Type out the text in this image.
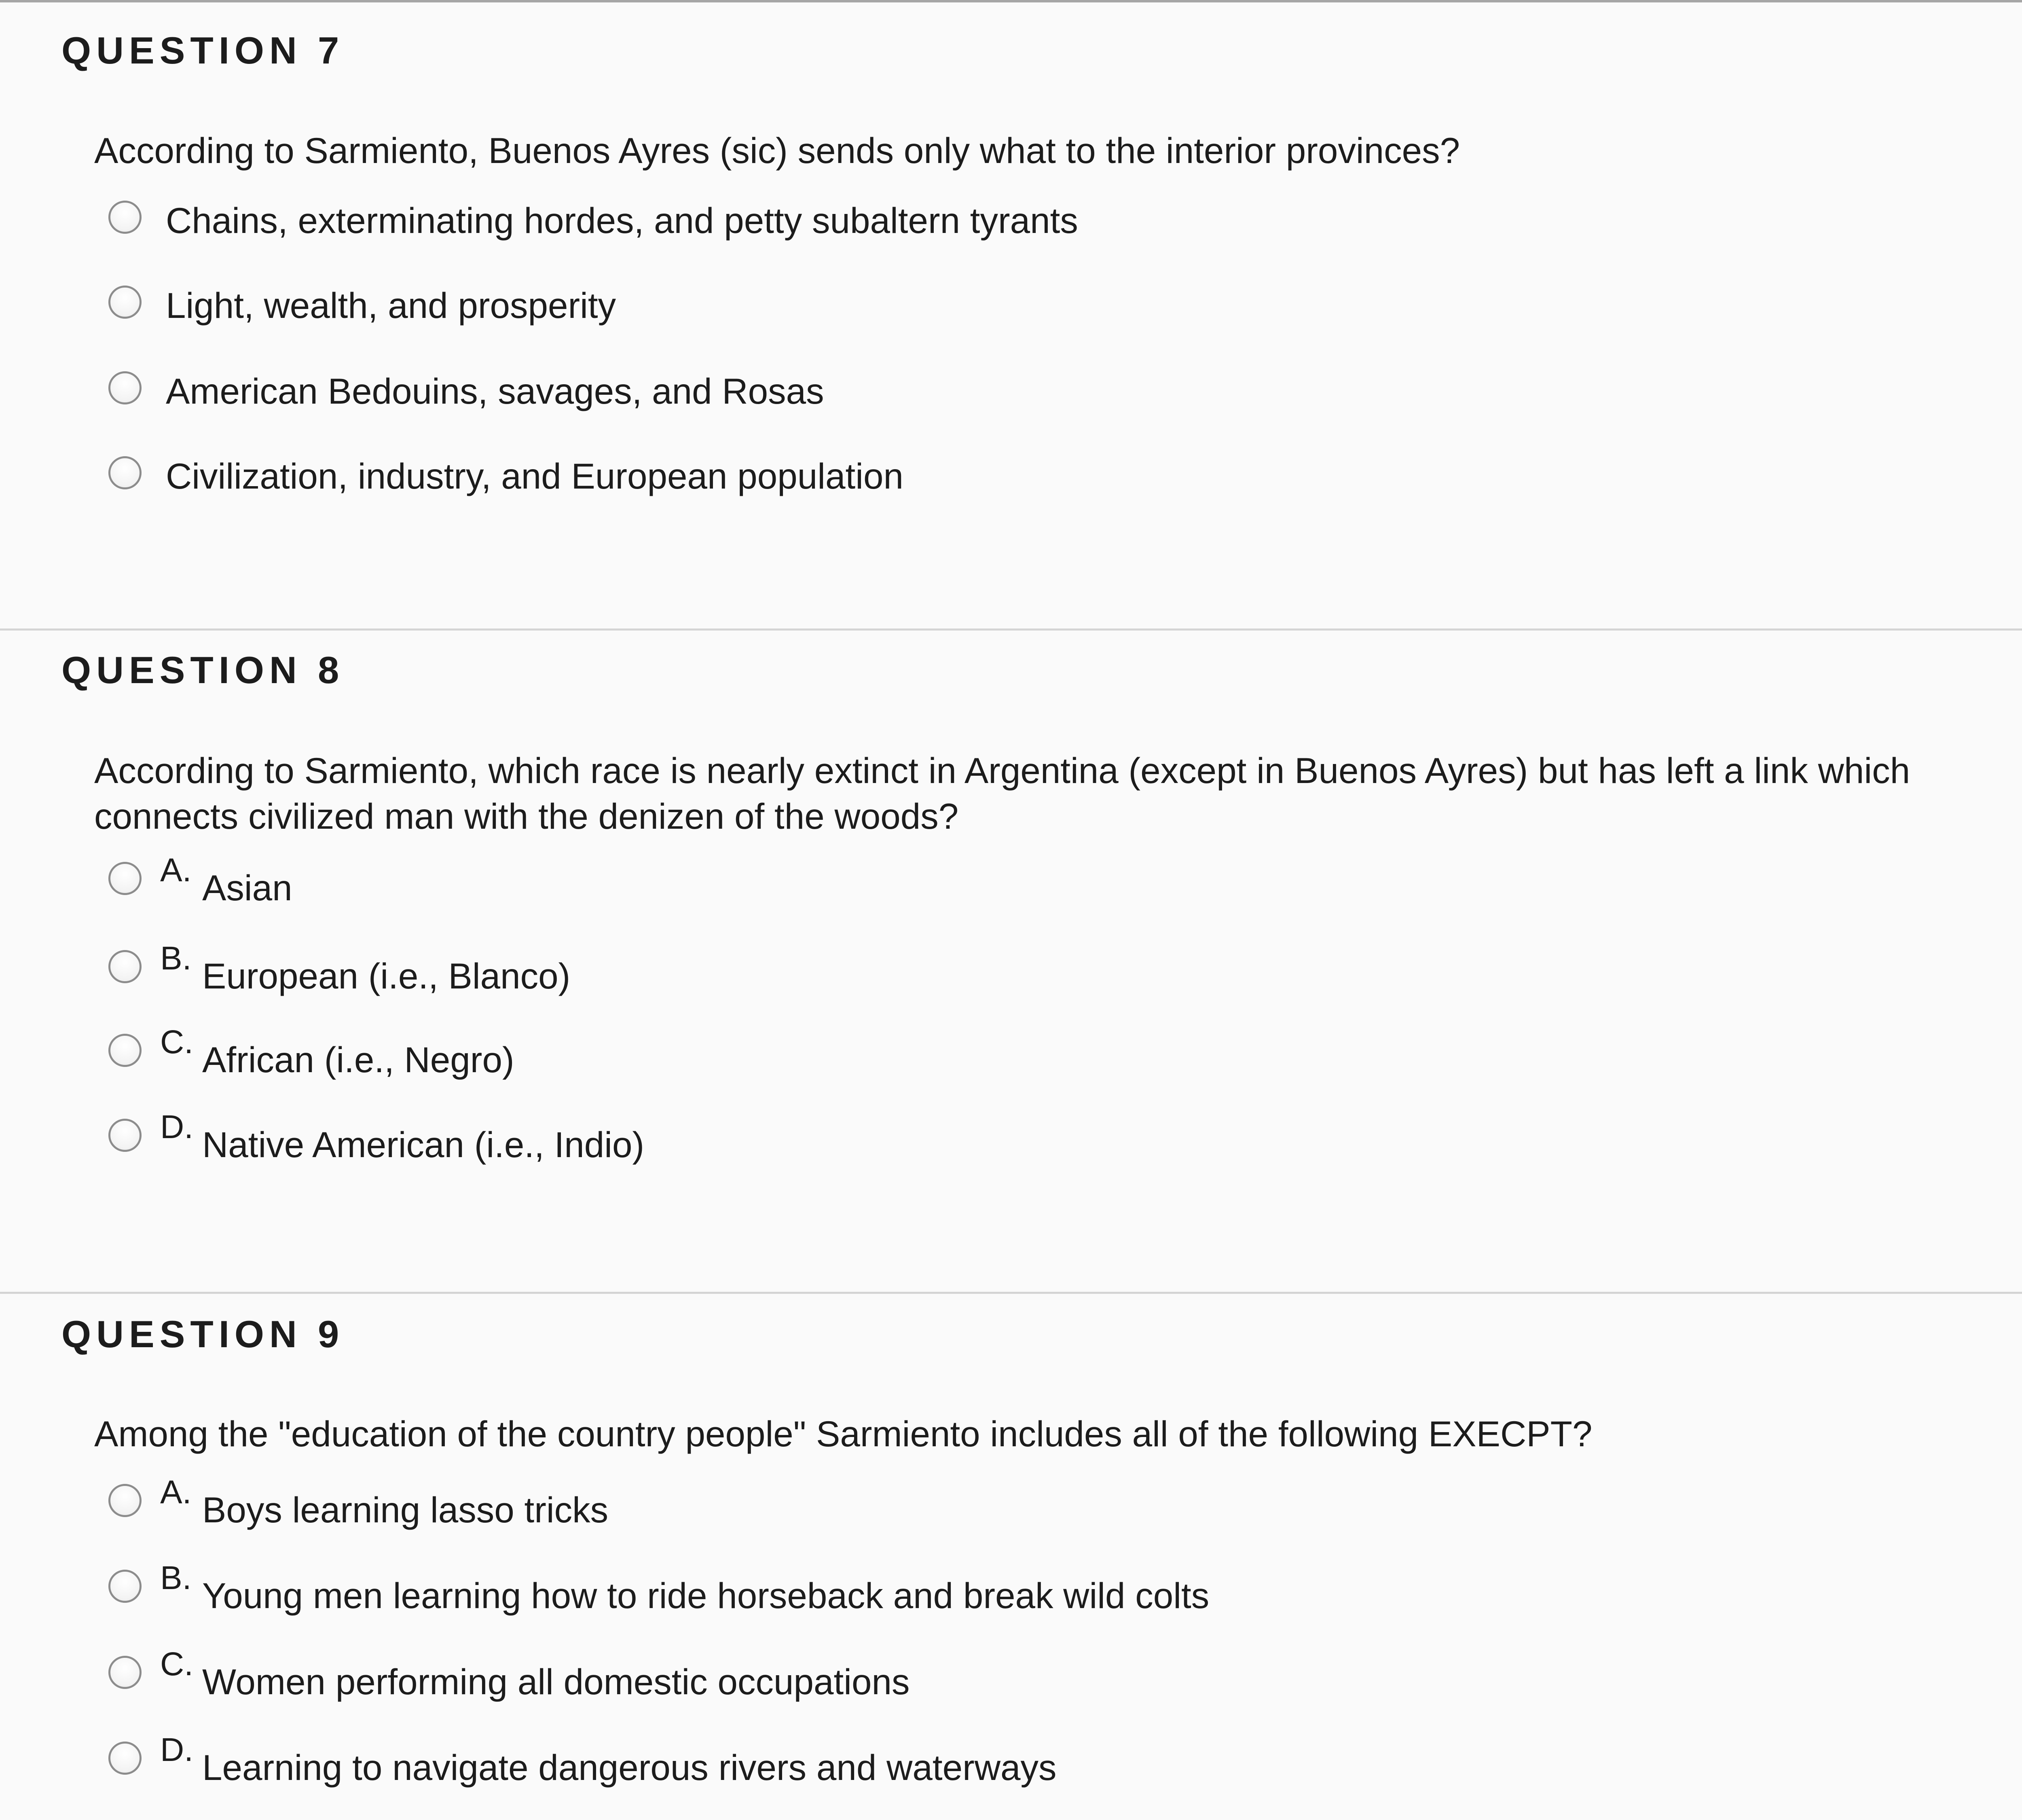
QUESTION 7
According to Sarmiento, Buenos Ayres (sic) sends only what to the interior provinces?
Chains, exterminating hordes, and petty subaltern tyrants
Light, wealth, and prosperity
American Bedouins, savages, and Rosas
Civilization, industry, and European population
QUESTION 8
According to Sarmiento, which race is nearly extinct in Argentina (except in Buenos Ayres) but has left a link which connects civilized man with the denizen of the woods?
A. Asian
B. European (i.e., Blanco)
C. African (i.e., Negro)
D. Native American (i.e., Indio)
QUESTION 9
Among the "education of the country people" Sarmiento includes all of the following EXECPT?
A. Boys learning lasso tricks
B. Young men learning how to ride horseback and break wild colts
C. Women performing all domestic occupations
D. Learning to navigate dangerous rivers and waterways
